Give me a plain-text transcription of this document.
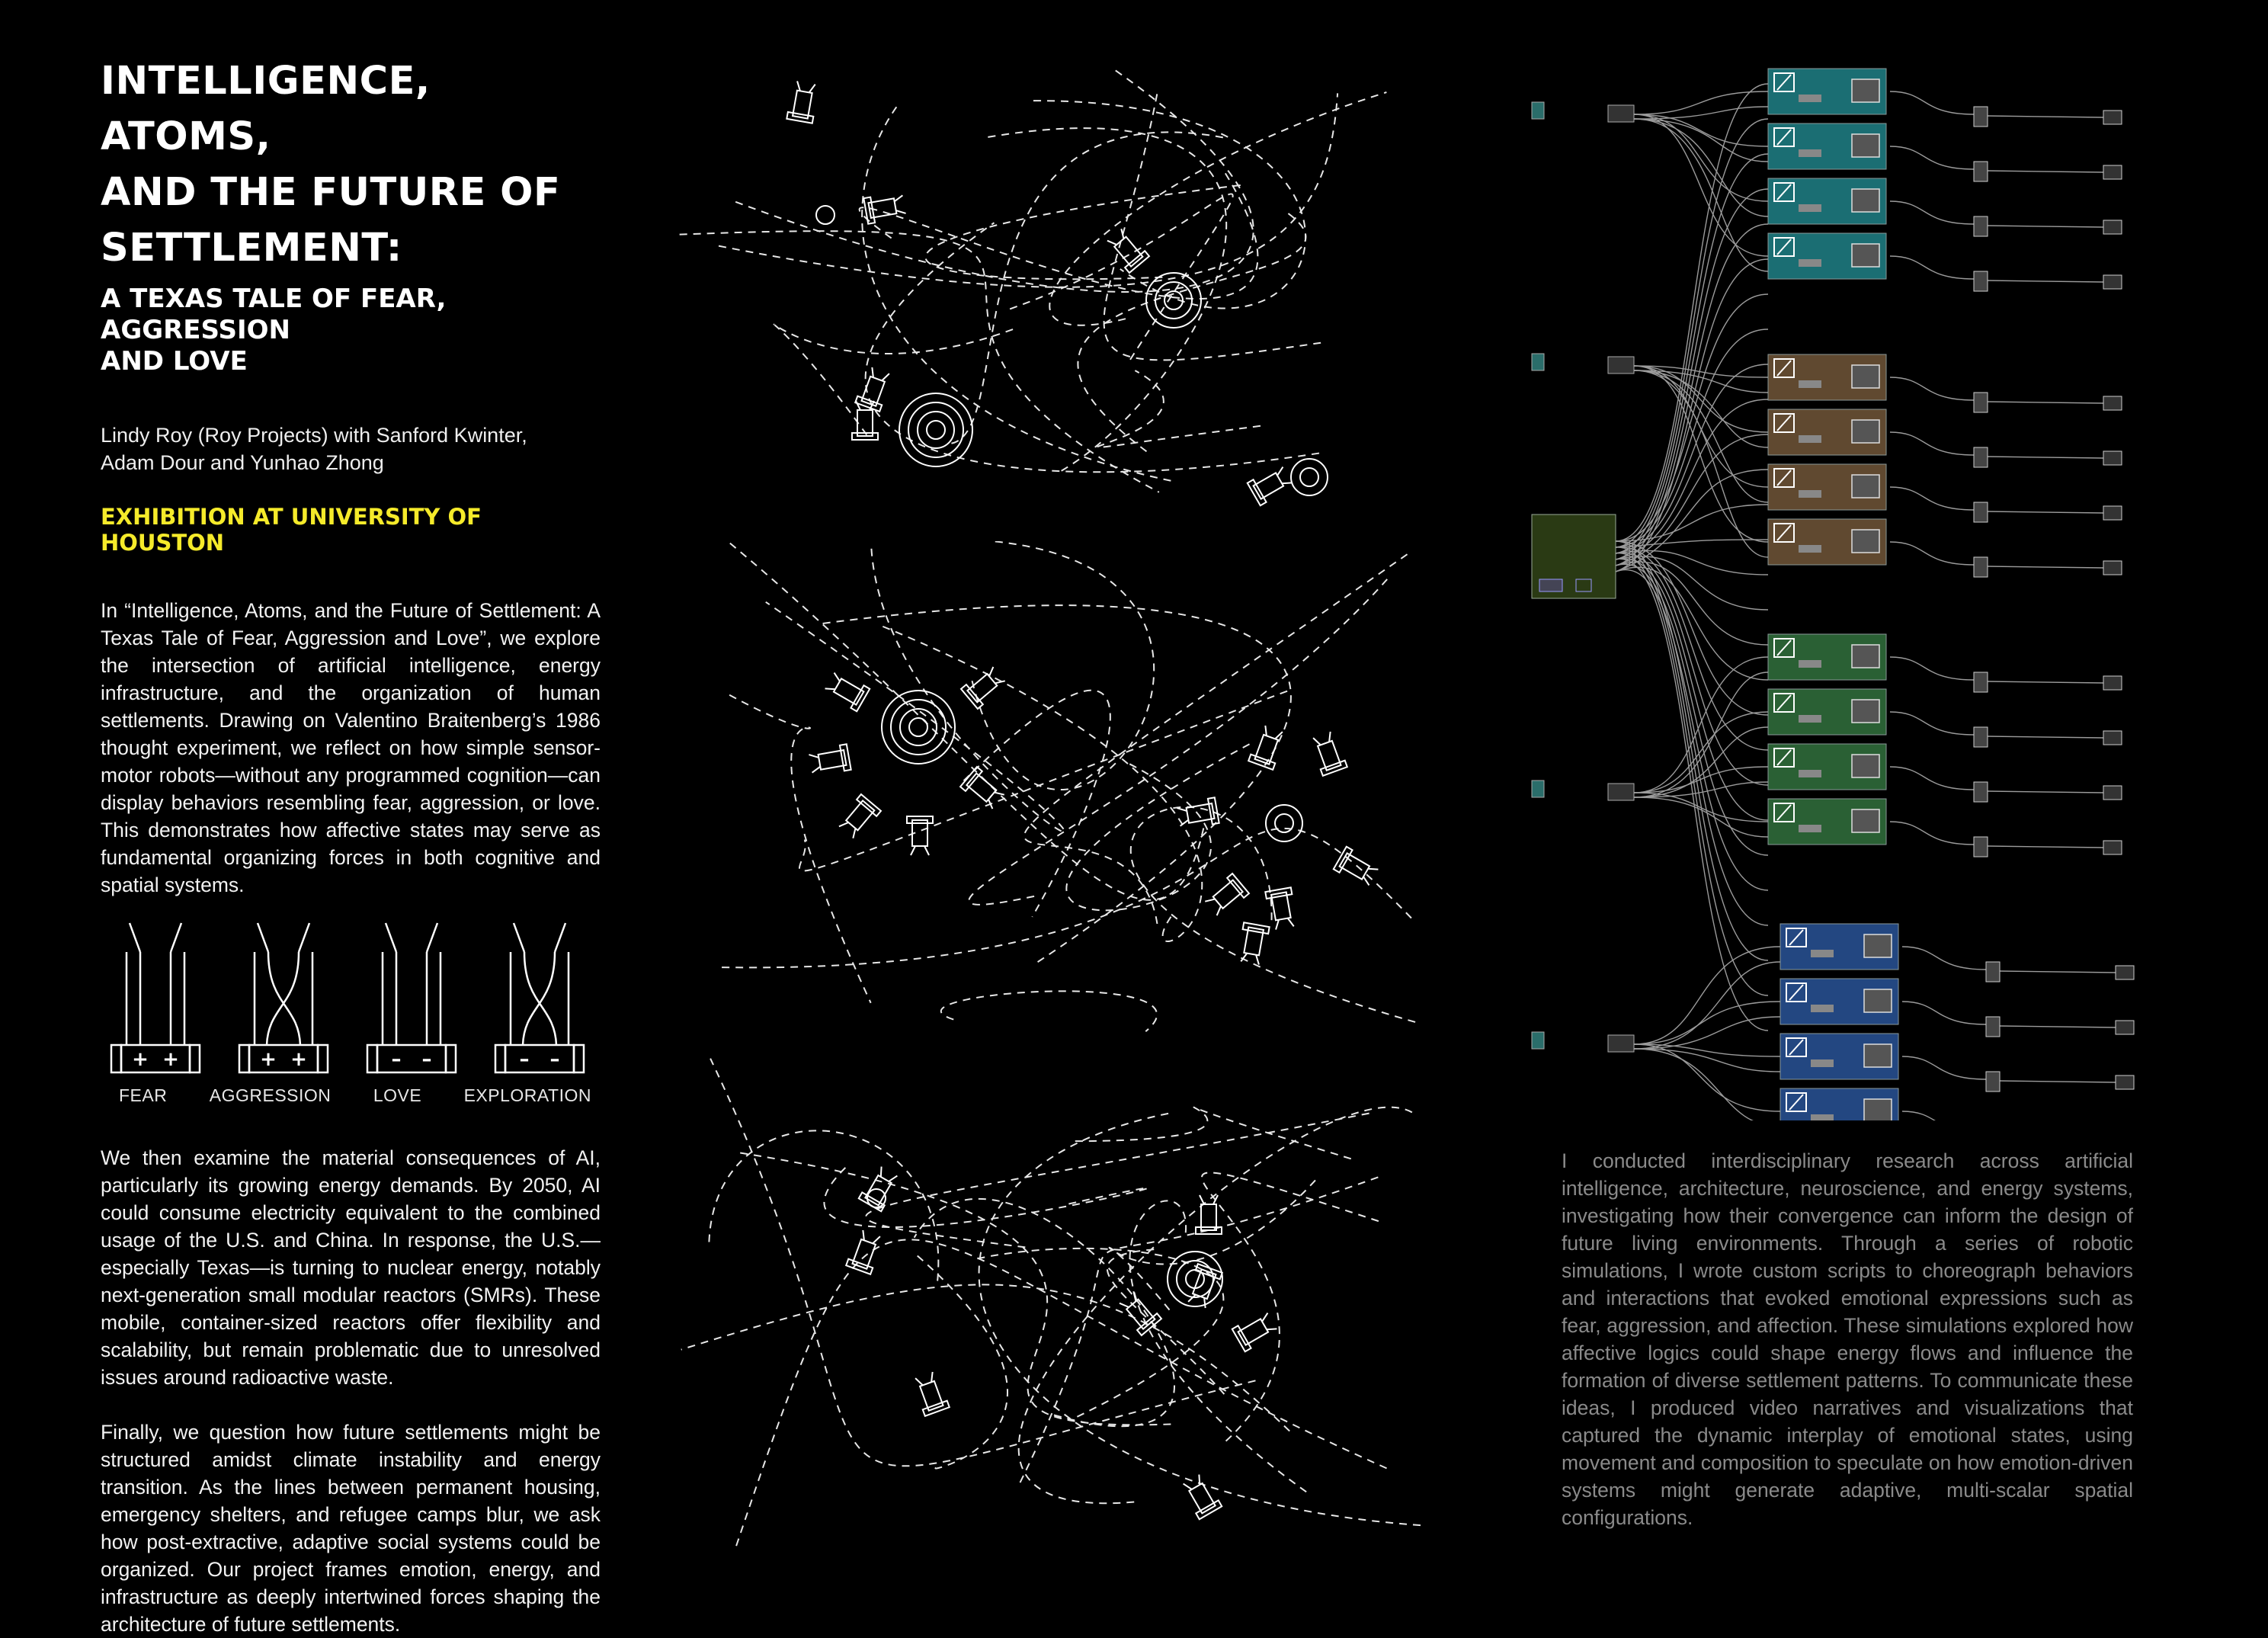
INTELLIGENCE, ATOMS,
AND THE FUTURE OF
SETTLEMENT:
A TEXAS TALE OF FEAR, AGGRESSION
AND LOVE
Lindy Roy (Roy Projects) with Sanford Kwinter,
Adam Dour and Yunhao Zhong
EXHIBITION AT UNIVERSITY OF HOUSTON

In “Intelligence, Atoms, and the Future of Settlement: A Texas Tale of Fear, Aggression and Love”, we explore the intersection of artificial intelligence, energy infrastructure, and the organization of human settlements. Drawing on Valentino Braitenberg’s 1986 thought experiment, we reflect on how simple sensor-motor robots—without any programmed cognition—can display behaviors resembling fear, aggression, or love. This demonstrates how affective states may serve as fundamental organizing forces in both cognitive and spatial systems.

+ +	+ +	– –	– –
FEAR AGGRESSION LOVE EXPLORATION

We then examine the material consequences of AI, particularly its growing energy demands. By 2050, AI could consume electricity equivalent to the combined usage of the U.S. and China. In response, the U.S.—especially Texas—is turning to nuclear energy, notably next-generation small modular reactors (SMRs). These mobile, container-sized reactors offer flexibility and scalability, but remain problematic due to unresolved issues around radioactive waste.

Finally, we question how future settlements might be structured amidst climate instability and energy transition. As the lines between permanent housing, emergency shelters, and refugee camps blur, we ask how post-extractive, adaptive social systems could be organized. Our project frames emotion, energy, and infrastructure as deeply intertwined forces shaping the architecture of future settlements.

I conducted interdisciplinary research across artificial intelligence, architecture, neuroscience, and energy systems, investigating how their convergence can inform the design of future living environments. Through a series of robotic simulations, I wrote custom scripts to choreograph behaviors and interactions that evoked emotional expressions such as fear, aggression, and affection. These simulations explored how affective logics could shape energy flows and influence the formation of diverse settlement patterns. To communicate these ideas, I produced video narratives and visualizations that captured the dynamic interplay of emotional states, using movement and composition to speculate on how emotion-driven systems might generate adaptive, multi-scalar spatial configurations.
